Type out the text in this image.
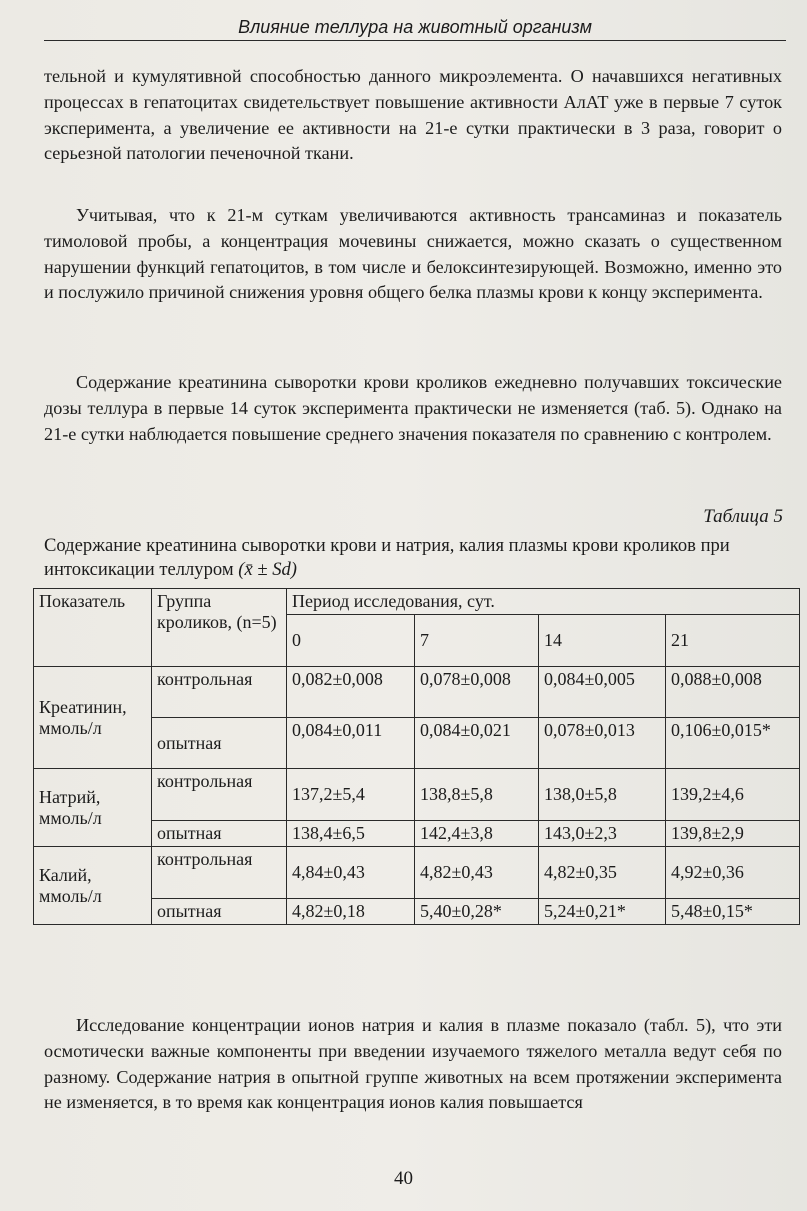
Влияние теллура на животный организм

тельной и кумулятивной способностью данного микроэлемента. О начавшихся негативных процессах в гепатоцитах свидетельствует повышение активности АлАТ уже в первые 7 суток эксперимента, а увеличение ее активности на 21-е сутки практически в 3 раза, говорит о серьезной патологии печеночной ткани.

Учитывая, что к 21-м суткам увеличиваются активность трансаминаз и показатель тимоловой пробы, а концентрация мочевины снижается, можно сказать о существенном нарушении функций гепатоцитов, в том числе и белоксинтезирующей. Возможно, именно это и послужило причиной снижения уровня общего белка плазмы крови к концу эксперимента.

Содержание креатинина сыворотки крови кроликов ежедневно получавших токсические дозы теллура в первые 14 суток эксперимента практически не изменяется (таб. 5). Однако на 21-е сутки наблюдается повышение среднего значения показателя по сравнению с контролем.

Таблица 5

Содержание креатинина сыворотки крови и натрия, калия плазмы крови кроликов при интоксикации теллуром (x̄ ± Sd)

Показатель	Группа кроликов, (n=5)	Период исследования, сут.			
		0	7	14	21
Креатинин, ммоль/л	контрольная	0,082±0,008	0,078±0,008	0,084±0,005	0,088±0,008
	опытная	0,084±0,011	0,084±0,021	0,078±0,013	0,106±0,015*
Натрий, ммоль/л	контрольная	137,2±5,4	138,8±5,8	138,0±5,8	139,2±4,6
	опытная	138,4±6,5	142,4±3,8	143,0±2,3	139,8±2,9
Калий, ммоль/л	контрольная	4,84±0,43	4,82±0,43	4,82±0,35	4,92±0,36
	опытная	4,82±0,18	5,40±0,28*	5,24±0,21*	5,48±0,15*

Исследование концентрации ионов натрия и калия в плазме показало (табл. 5), что эти осмотически важные компоненты при введении изучаемого тяжелого металла ведут себя по разному. Содержание натрия в опытной группе животных на всем протяжении эксперимента не изменяется, в то время как концентрация ионов калия повышается

40
